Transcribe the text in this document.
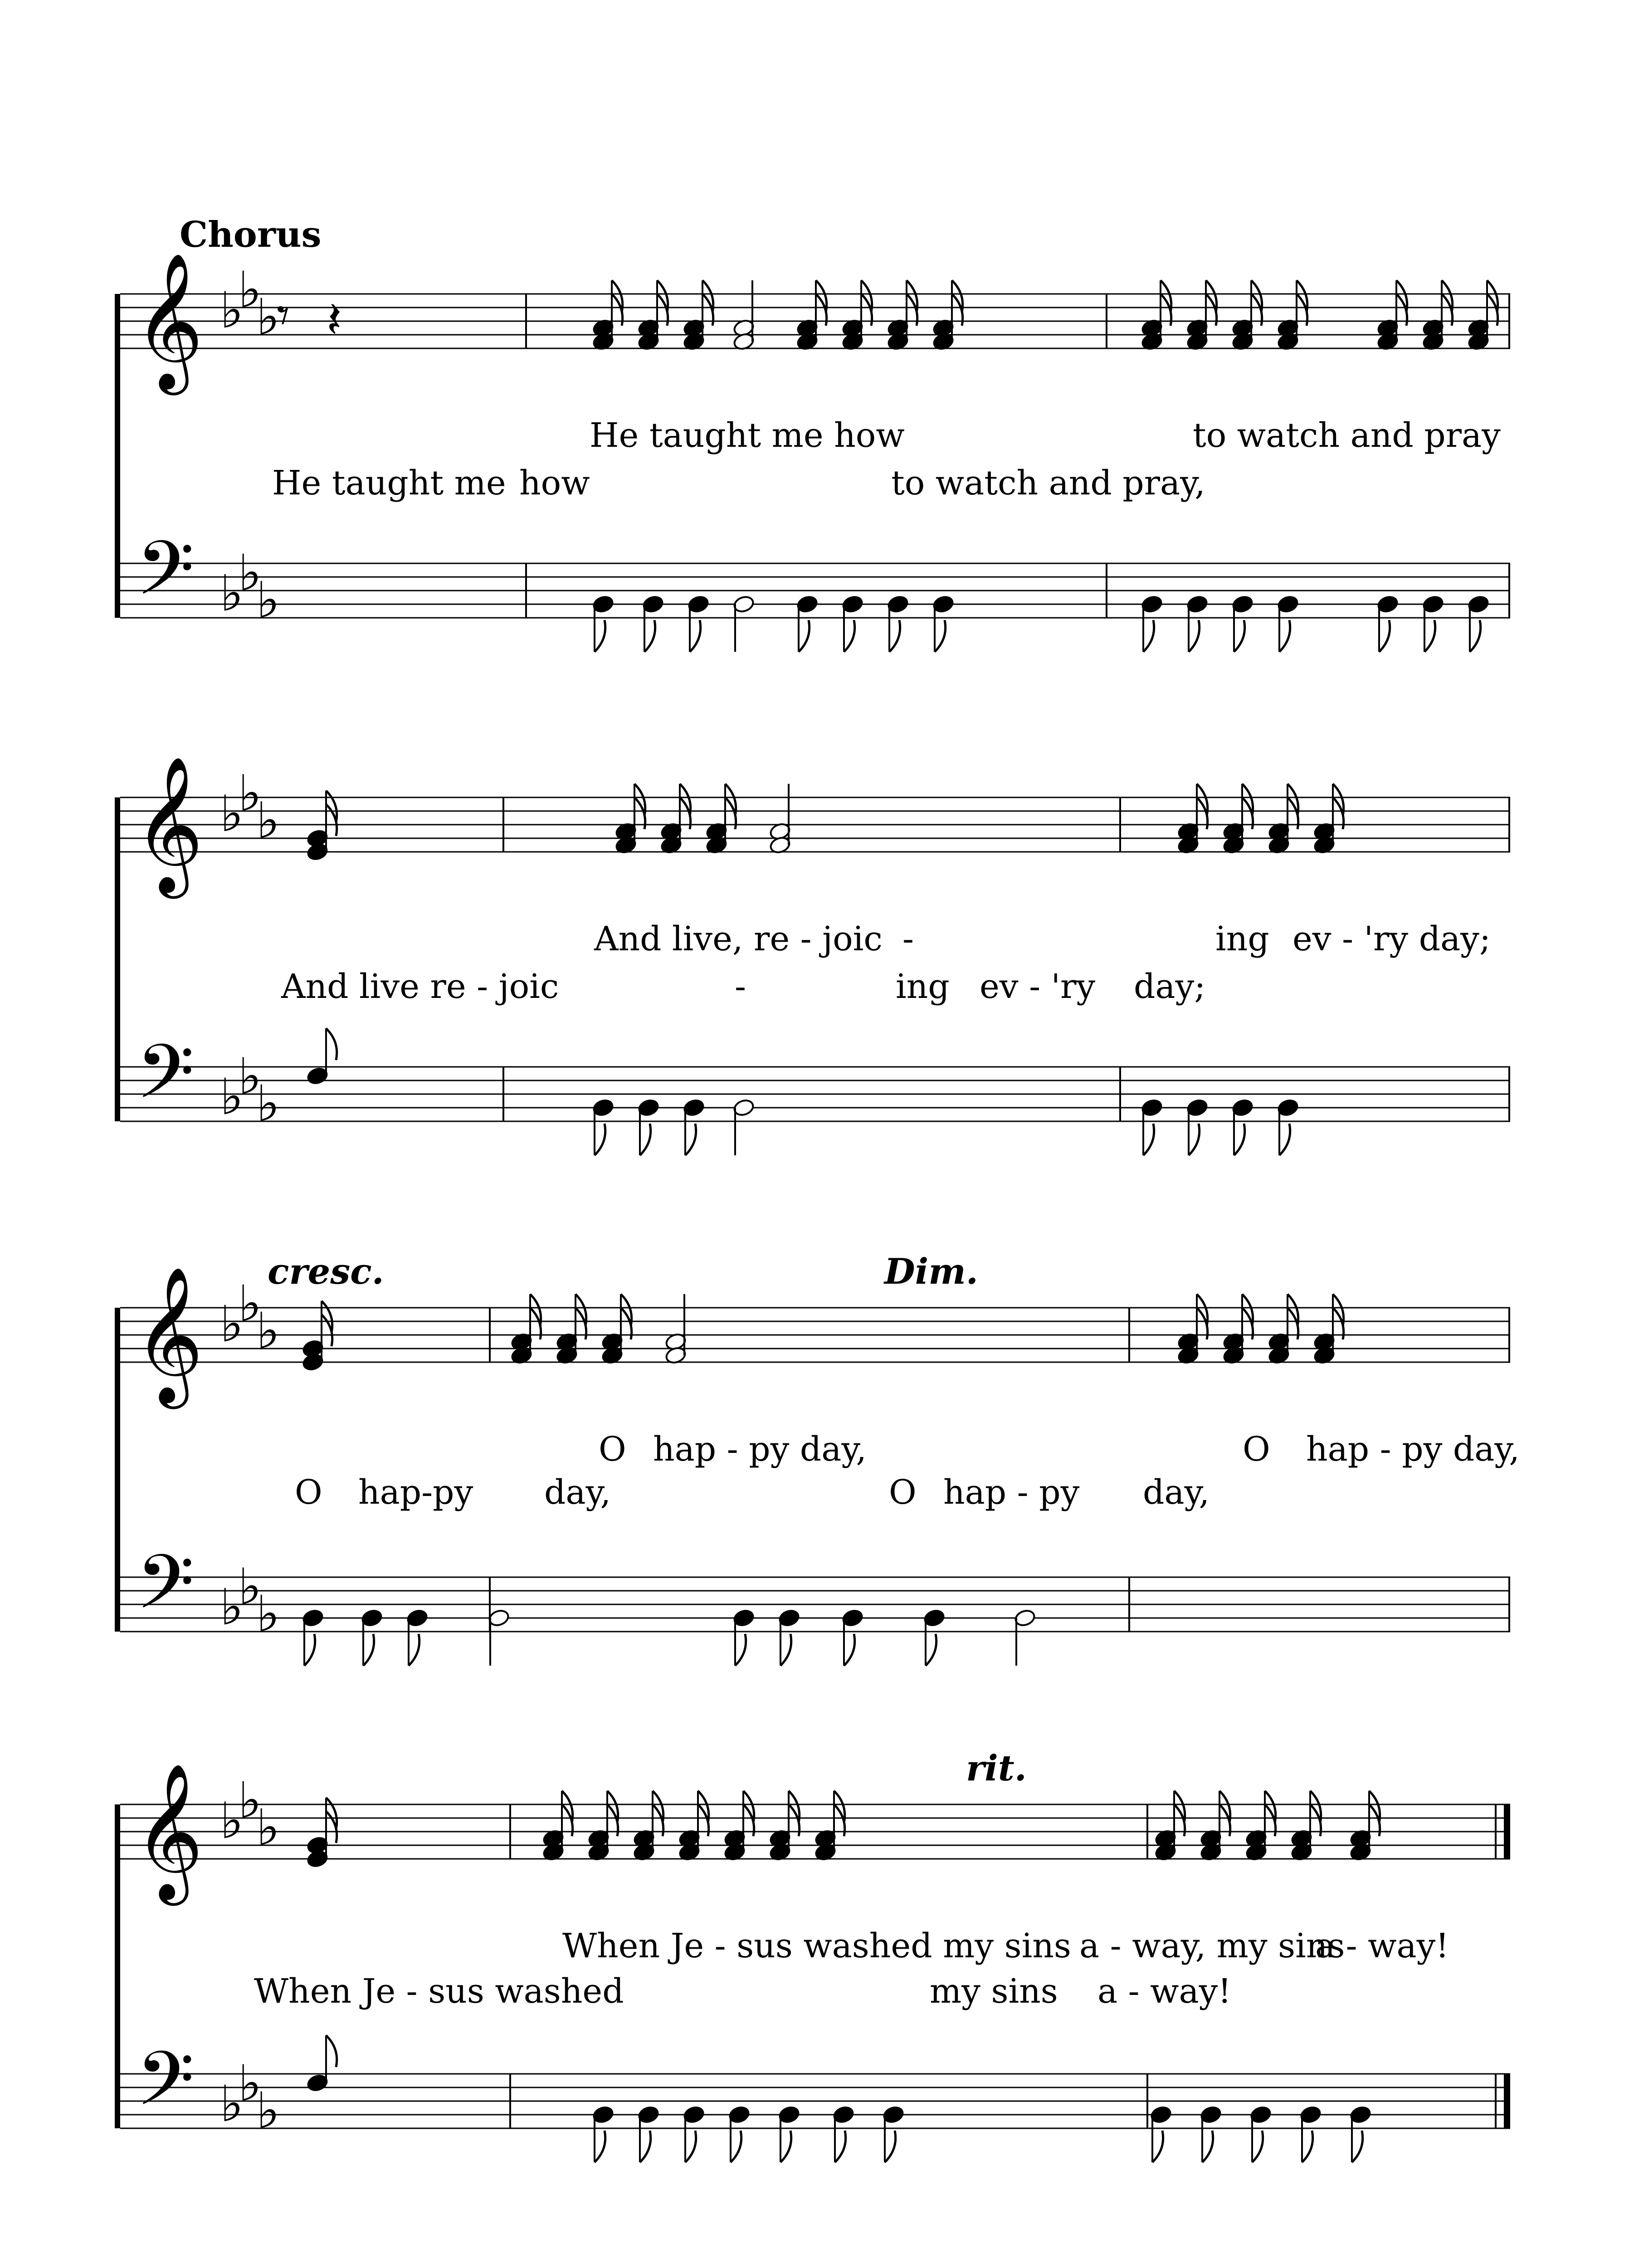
Chorus
𝄞
𝄢
♭
♭
♭
♭
♭
♭
He taught me how	to watch and pray
He taught me how	to watch and pray,
𝄞
𝄢
♭
♭
♭
♭
♭
♭
And live, re - joic -	ing ev - 'ry day;
And live re - joic	-	ing ev - 'ry day;
𝄞
𝄢
♭
♭
♭
♭
♭
♭
cresc.	Dim.
O hap - py day,	O hap - py day,
O hap-py day,	O hap - py day,
𝄞
𝄢
♭
♭
♭
♭
♭
♭
rit.
When Je - sus washed my sins a - way, my sins
a - way!
When Je - sus washed	my sins a - way!
𝄾 𝄽
